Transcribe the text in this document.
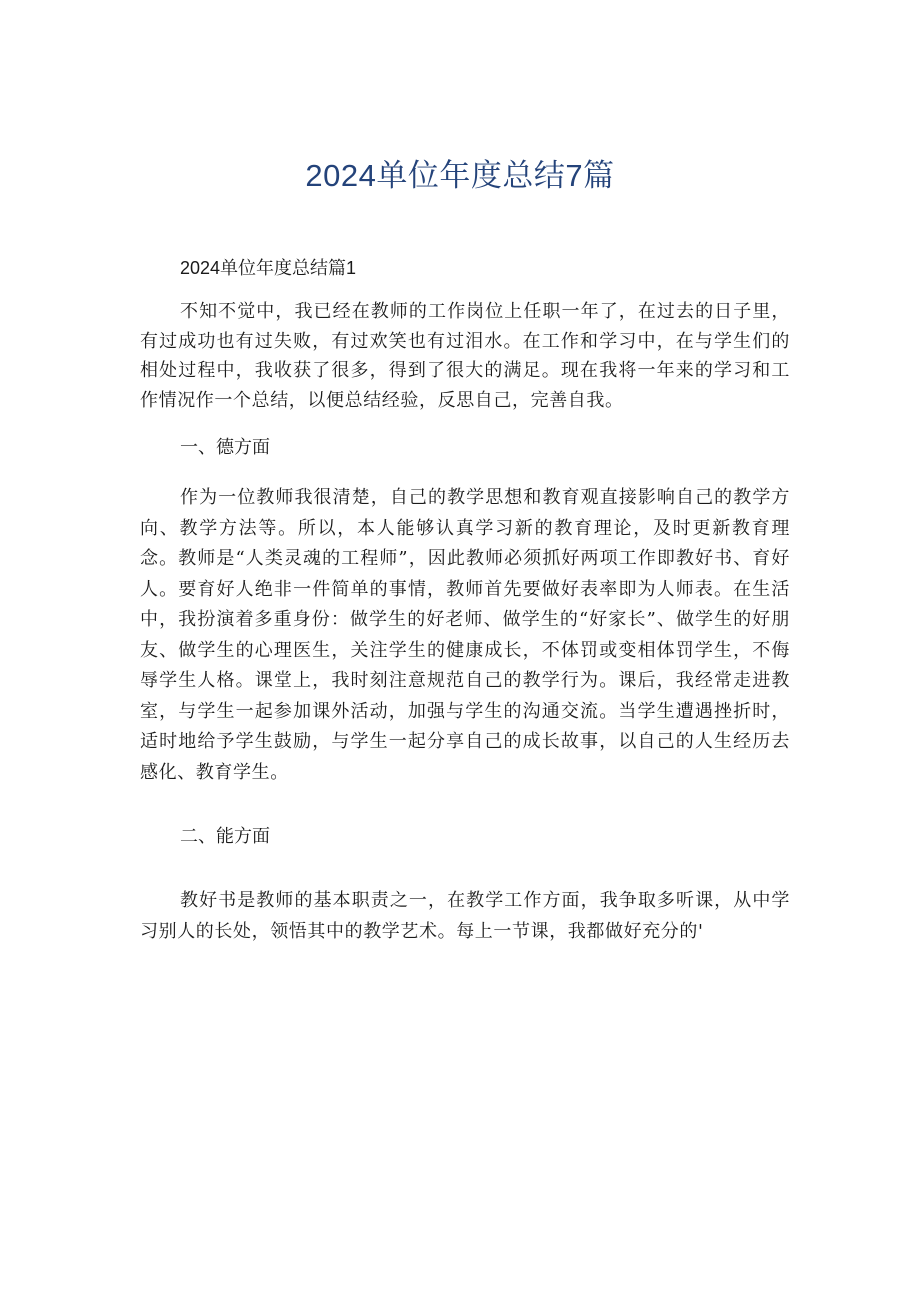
2024单位年度总结7篇

2024单位年度总结篇1

不知不觉中，我已经在教师的工作岗位上任职一年了，在过去的日子里，有过成功也有过失败，有过欢笑也有过泪水。在工作和学习中，在与学生们的相处过程中，我收获了很多，得到了很大的满足。现在我将一年来的学习和工作情况作一个总结，以便总结经验，反思自己，完善自我。

一、德方面

作为一位教师我很清楚，自己的教学思想和教育观直接影响自己的教学方向、教学方法等。所以，本人能够认真学习新的教育理论，及时更新教育理念。教师是“人类灵魂的工程师”，因此教师必须抓好两项工作即教好书、育好人。要育好人绝非一件简单的事情，教师首先要做好表率即为人师表。在生活中，我扮演着多重身份：做学生的好老师、做学生的“好家长”、做学生的好朋友、做学生的心理医生，关注学生的健康成长，不体罚或变相体罚学生，不侮辱学生人格。课堂上，我时刻注意规范自己的教学行为。课后，我经常走进教室，与学生一起参加课外活动，加强与学生的沟通交流。当学生遭遇挫折时，适时地给予学生鼓励，与学生一起分享自己的成长故事，以自己的人生经历去感化、教育学生。

二、能方面

教好书是教师的基本职责之一，在教学工作方面，我争取多听课，从中学习别人的长处，领悟其中的教学艺术。每上一节课，我都做好充分的'
